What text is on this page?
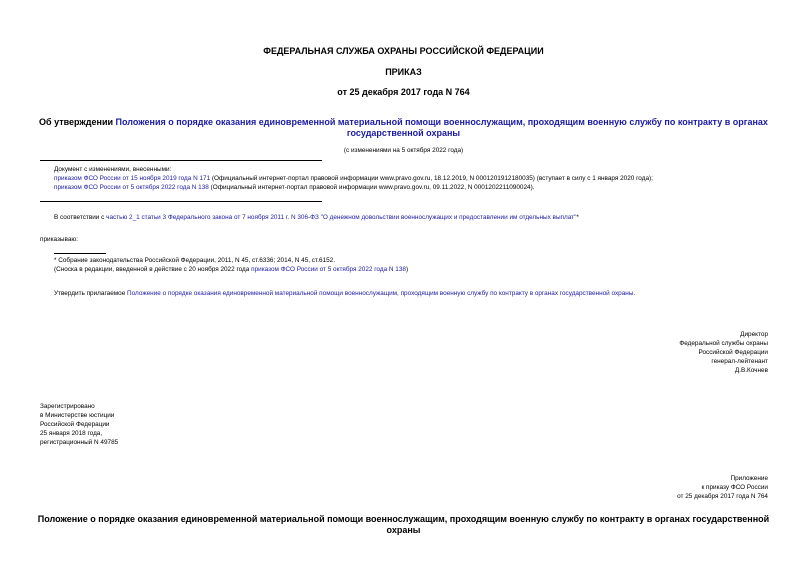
ФЕДЕРАЛЬНАЯ СЛУЖБА ОХРАНЫ РОССИЙСКОЙ ФЕДЕРАЦИИ
ПРИКАЗ
от 25 декабря 2017 года N 764
Об утверждении Положения о порядке оказания единовременной материальной помощи военнослужащим, проходящим военную службу по контракту в органах
государственной охраны
(с изменениями на 5 октября 2022 года)
Документ с изменениями, внесенными:
приказом ФСО России от 15 ноября 2019 года N 171 (Официальный интернет-портал правовой информации www.pravo.gov.ru, 18.12.2019, N 0001201912180035) (вступает в силу с 1 января 2020 года);
приказом ФСО России от 5 октября 2022 года N 138 (Официальный интернет-портал правовой информации www.pravo.gov.ru, 09.11.2022, N 0001202211090024).
В соответствии с частью 2_1 статьи 3 Федерального закона от 7 ноября 2011 г. N 306-ФЗ "О денежном довольствии военнослужащих и предоставлении им отдельных выплат"*
приказываю:
* Собрание законодательства Российской Федерации, 2011, N 45, ст.6336; 2014, N 45, ст.6152.
(Сноска в редакции, введенной в действие с 20 ноября 2022 года приказом ФСО России от 5 октября 2022 года N 138)
Утвердить прилагаемое Положение о порядке оказания единовременной материальной помощи военнослужащим, проходящим военную службу по контракту в органах государственной охраны.
Директор
Федеральной службы охраны
Российской Федерации
генерал-лейтенант
Д.В.Кочнев
Зарегистрировано
в Министерстве юстиции
Российской Федерации
25 января 2018 года,
регистрационный N 49785
Приложение
к приказу ФСО России
от 25 декабря 2017 года N 764
Положение о порядке оказания единовременной материальной помощи военнослужащим, проходящим военную службу по контракту в органах государственной
охраны
